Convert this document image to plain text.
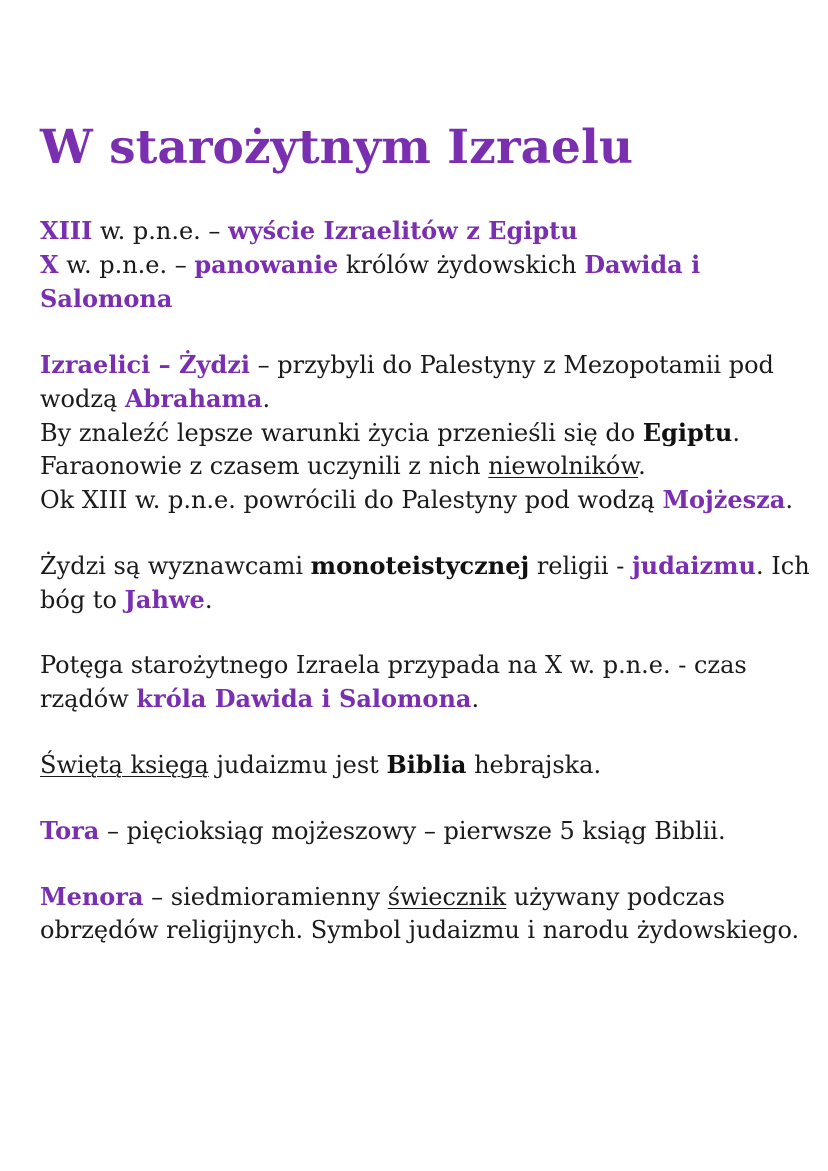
W starożytnym Izraelu

XIII w. p.n.e. – wyście Izraelitów z Egiptu

X w. p.n.e. – panowanie królów żydowskich Dawida i Salomona

Izraelici – Żydzi – przybyli do Palestyny z Mezopotamii pod wodzą Abrahama.
By znaleźć lepsze warunki życia przenieśli się do Egiptu. Faraonowie z czasem uczynili z nich niewolników.
Ok XIII w. p.n.e. powrócili do Palestyny pod wodzą Mojżesza.

Żydzi są wyznawcami monoteistycznej religii - judaizmu. Ich bóg to Jahwe.

Potęga starożytnego Izraela przypada na X w. p.n.e. - czas rządów króla Dawida i Salomona.

Świętą księgą judaizmu jest Biblia hebrajska.

Tora – pięcioksiąg mojżeszowy – pierwsze 5 ksiąg Biblii.

Menora – siedmioramienny świecznik używany podczas obrzędów religijnych. Symbol judaizmu i narodu żydowskiego.
